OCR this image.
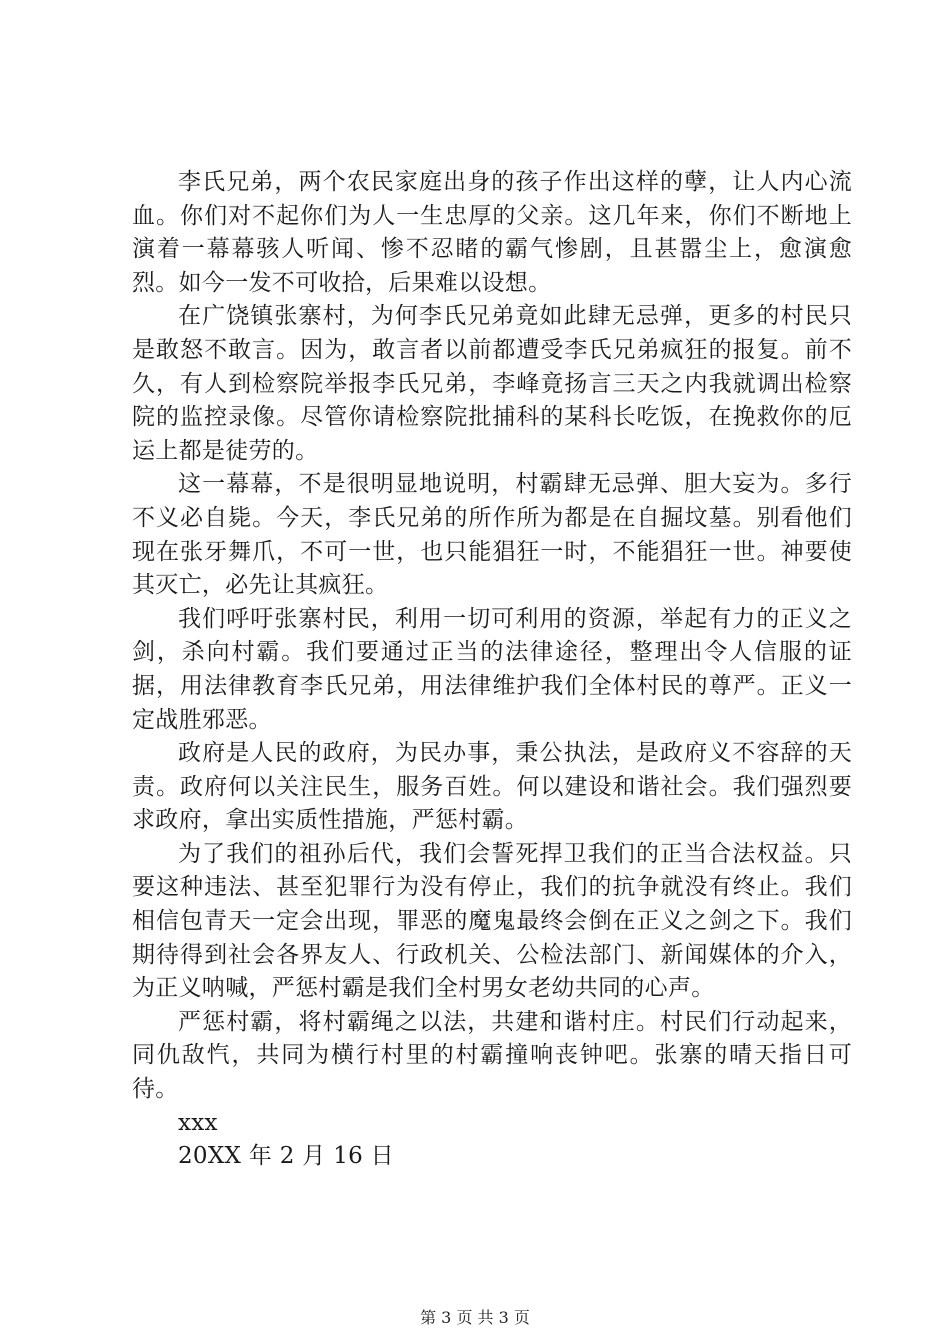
李氏兄弟，两个农民家庭出身的孩子作出这样的孽，让人内心流血。你们对不起你们为人一生忠厚的父亲。这几年来，你们不断地上演着一幕幕骇人听闻、惨不忍睹的霸气惨剧，且甚嚣尘上，愈演愈烈。如今一发不可收拾，后果难以设想。

在广饶镇张寨村，为何李氏兄弟竟如此肆无忌弹，更多的村民只是敢怒不敢言。因为，敢言者以前都遭受李氏兄弟疯狂的报复。前不久，有人到检察院举报李氏兄弟，李峰竟扬言三天之内我就调出检察院的监控录像。尽管你请检察院批捕科的某科长吃饭，在挽救你的厄运上都是徒劳的。

这一幕幕，不是很明显地说明，村霸肆无忌弹、胆大妄为。多行不义必自毙。今天，李氏兄弟的所作所为都是在自掘坟墓。别看他们现在张牙舞爪，不可一世，也只能猖狂一时，不能猖狂一世。神要使其灭亡，必先让其疯狂。

我们呼吁张寨村民，利用一切可利用的资源，举起有力的正义之剑，杀向村霸。我们要通过正当的法律途径，整理出令人信服的证据，用法律教育李氏兄弟，用法律维护我们全体村民的尊严。正义一定战胜邪恶。

政府是人民的政府，为民办事，秉公执法，是政府义不容辞的天责。政府何以关注民生，服务百姓。何以建设和谐社会。我们强烈要求政府，拿出实质性措施，严惩村霸。

为了我们的祖孙后代，我们会誓死捍卫我们的正当合法权益。只要这种违法、甚至犯罪行为没有停止，我们的抗争就没有终止。我们相信包青天一定会出现，罪恶的魔鬼最终会倒在正义之剑之下。我们期待得到社会各界友人、行政机关、公检法部门、新闻媒体的介入，为正义呐喊，严惩村霸是我们全村男女老幼共同的心声。

严惩村霸，将村霸绳之以法，共建和谐村庄。村民们行动起来，同仇敌忾，共同为横行村里的村霸撞响丧钟吧。张寨的晴天指日可待。

xxx

20XX 年 2 月 16 日

第 3 页 共 3 页
